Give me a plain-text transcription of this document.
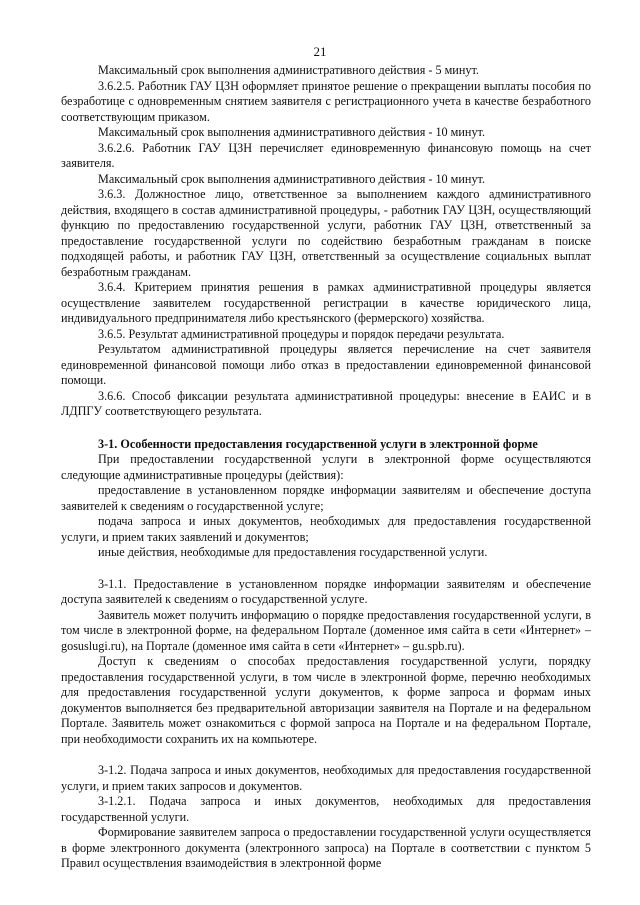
21

Максимальный срок выполнения административного действия - 5 минут.

3.6.2.5. Работник ГАУ ЦЗН оформляет принятое решение о прекращении выплаты пособия по безработице с одновременным снятием заявителя с регистрационного учета в качестве безработного соответствующим приказом.

Максимальный срок выполнения административного действия - 10 минут.

3.6.2.6. Работник ГАУ ЦЗН перечисляет единовременную финансовую помощь на счет заявителя.

Максимальный срок выполнения административного действия - 10 минут.

3.6.3. Должностное лицо, ответственное за выполнением каждого административного действия, входящего в состав административной процедуры, - работник ГАУ ЦЗН, осуществляющий функцию по предоставлению государственной услуги, работник ГАУ ЦЗН, ответственный за предоставление государственной услуги по содействию безработным гражданам в поиске подходящей работы, и работник ГАУ ЦЗН, ответственный за осуществление социальных выплат безработным гражданам.

3.6.4. Критерием принятия решения в рамках административной процедуры является осуществление заявителем государственной регистрации в качестве юридического лица, индивидуального предпринимателя либо крестьянского (фермерского) хозяйства.

3.6.5. Результат административной процедуры и порядок передачи результата.

Результатом административной процедуры является перечисление на счет заявителя единовременной финансовой помощи либо отказ в предоставлении единовременной финансовой помощи.

3.6.6. Способ фиксации результата административной процедуры: внесение в ЕАИС и в ЛДПГУ соответствующего результата.

3-1. Особенности предоставления государственной услуги в электронной форме

При предоставлении государственной услуги в электронной форме осуществляются следующие административные процедуры (действия):

предоставление в установленном порядке информации заявителям и обеспечение доступа заявителей к сведениям о государственной услуге;

подача запроса и иных документов, необходимых для предоставления государственной услуги, и прием таких заявлений и документов;

иные действия, необходимые для предоставления государственной услуги.

3-1.1. Предоставление в установленном порядке информации заявителям и обеспечение доступа заявителей к сведениям о государственной услуге.

Заявитель может получить информацию о порядке предоставления государственной услуги, в том числе в электронной форме, на федеральном Портале (доменное имя сайта в сети «Интернет» – gosuslugi.ru), на Портале (доменное имя сайта в сети «Интернет» – gu.spb.ru).

Доступ к сведениям о способах предоставления государственной услуги, порядку предоставления государственной услуги, в том числе в электронной форме, перечню необходимых для предоставления государственной услуги документов, к форме запроса и формам иных документов выполняется без предварительной авторизации заявителя на Портале и на федеральном Портале. Заявитель может ознакомиться с формой запроса на Портале и на федеральном Портале, при необходимости сохранить их на компьютере.

3-1.2. Подача запроса и иных документов, необходимых для предоставления государственной услуги, и прием таких запросов и документов.

3-1.2.1. Подача запроса и иных документов, необходимых для предоставления государственной услуги.

Формирование заявителем запроса о предоставлении государственной услуги осуществляется в форме электронного документа (электронного запроса) на Портале в соответствии с пунктом 5 Правил осуществления взаимодействия в электронной форме
